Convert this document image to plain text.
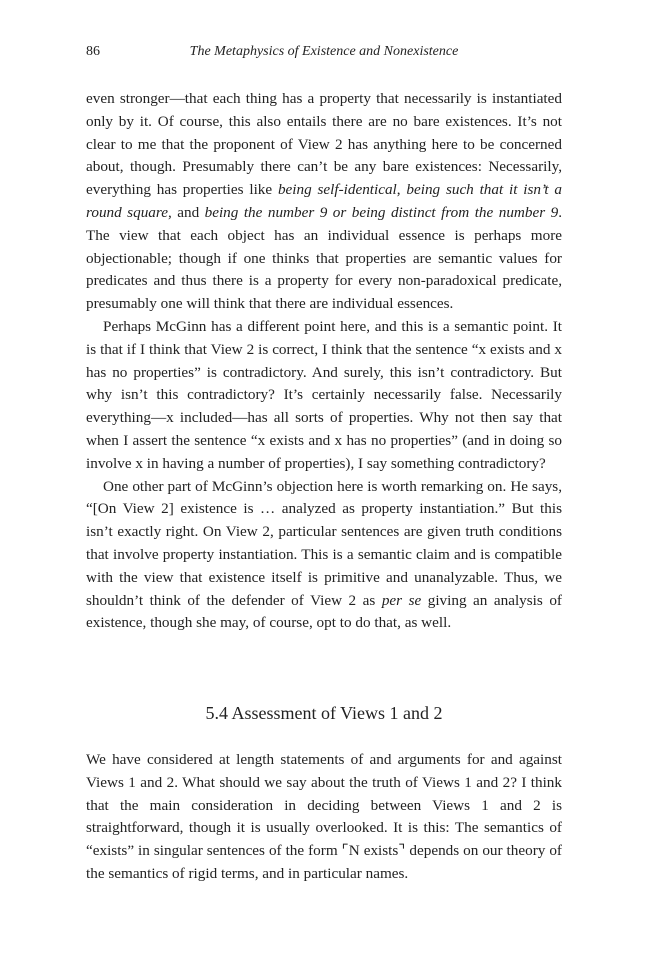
86	The Metaphysics of Existence and Nonexistence

even stronger—that each thing has a property that necessarily is instantiated only by it. Of course, this also entails there are no bare existences. It’s not clear to me that the proponent of View 2 has anything here to be concerned about, though. Presumably there can’t be any bare existences: Necessarily, everything has properties like being self-identical, being such that it isn’t a round square, and being the number 9 or being distinct from the number 9. The view that each object has an individual essence is perhaps more objectionable; though if one thinks that properties are semantic values for predicates and thus there is a property for every non-paradoxical predicate, presumably one will think that there are individual essences.

Perhaps McGinn has a different point here, and this is a semantic point. It is that if I think that View 2 is correct, I think that the sentence “x exists and x has no properties” is contradictory. And surely, this isn’t contradictory. But why isn’t this contradictory? It’s certainly necessarily false. Necessarily everything—x included—has all sorts of properties. Why not then say that when I assert the sentence “x exists and x has no properties” (and in doing so involve x in having a number of properties), I say something contradictory?

One other part of McGinn’s objection here is worth remarking on. He says, “[On View 2] existence is … analyzed as property instantiation.” But this isn’t exactly right. On View 2, particular sentences are given truth conditions that involve property instantiation. This is a semantic claim and is compatible with the view that existence itself is primitive and unanalyzable. Thus, we shouldn’t think of the defender of View 2 as per se giving an analysis of existence, though she may, of course, opt to do that, as well.

5.4 Assessment of Views 1 and 2

We have considered at length statements of and arguments for and against Views 1 and 2. What should we say about the truth of Views 1 and 2? I think that the main consideration in deciding between Views 1 and 2 is straightforward, though it is usually overlooked. It is this: The semantics of “exists” in singular sentences of the form ⌜N exists⌝ depends on our theory of the semantics of rigid terms, and in particular names.
